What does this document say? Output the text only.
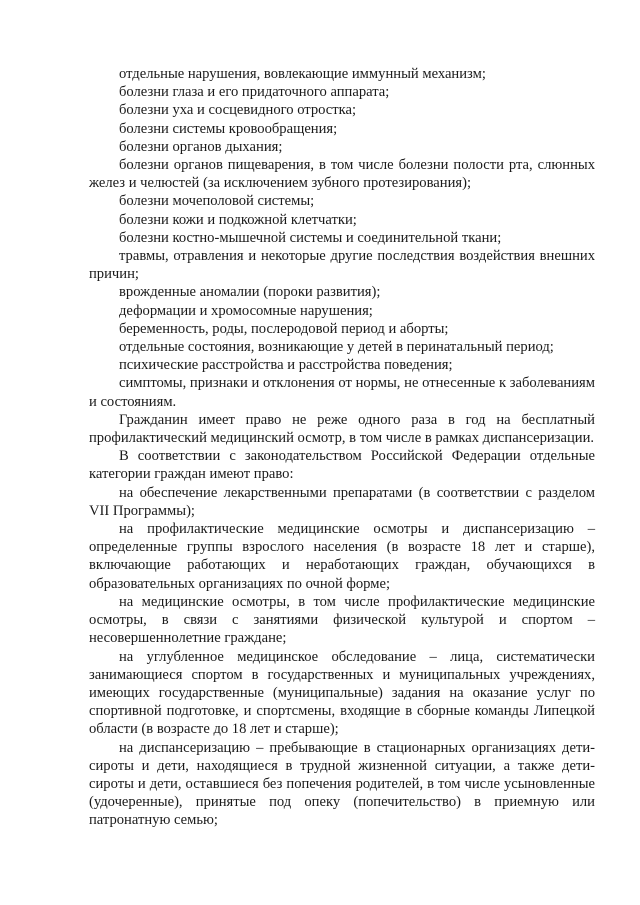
отдельные нарушения, вовлекающие иммунный механизм;

болезни глаза и его придаточного аппарата;

болезни уха и сосцевидного отростка;

болезни системы кровообращения;

болезни органов дыхания;

болезни органов пищеварения, в том числе болезни полости рта, слюнных желез и челюстей (за исключением зубного протезирования);

болезни мочеполовой системы;

болезни кожи и подкожной клетчатки;

болезни костно-мышечной системы и соединительной ткани;

травмы, отравления и некоторые другие последствия воздействия внешних причин;

врожденные аномалии (пороки развития);

деформации и хромосомные нарушения;

беременность, роды, послеродовой период и аборты;

отдельные состояния, возникающие у детей в перинатальный период;

психические расстройства и расстройства поведения;

симптомы, признаки и отклонения от нормы, не отнесенные к заболеваниям и состояниям.

Гражданин имеет право не реже одного раза в год на бесплатный профилактический медицинский осмотр, в том числе в рамках диспансеризации.

В соответствии с законодательством Российской Федерации отдельные категории граждан имеют право:

на обеспечение лекарственными препаратами (в соответствии с разделом VII Программы);

на профилактические медицинские осмотры и диспансеризацию – определенные группы взрослого населения (в возрасте 18 лет и старше), включающие работающих и неработающих граждан, обучающихся в образовательных организациях по очной форме;

на медицинские осмотры, в том числе профилактические медицинские осмотры, в связи с занятиями физической культурой и спортом – несовершеннолетние граждане;

на углубленное медицинское обследование – лица, систематически занимающиеся спортом в государственных и муниципальных учреждениях, имеющих государственные (муниципальные) задания на оказание услуг по спортивной подготовке, и спортсмены, входящие в сборные команды Липецкой области (в возрасте до 18 лет и старше);

на диспансеризацию – пребывающие в стационарных организациях дети-сироты и дети, находящиеся в трудной жизненной ситуации, а также дети-сироты и дети, оставшиеся без попечения родителей, в том числе усыновленные (удочеренные), принятые под опеку (попечительство) в приемную или патронатную семью;
